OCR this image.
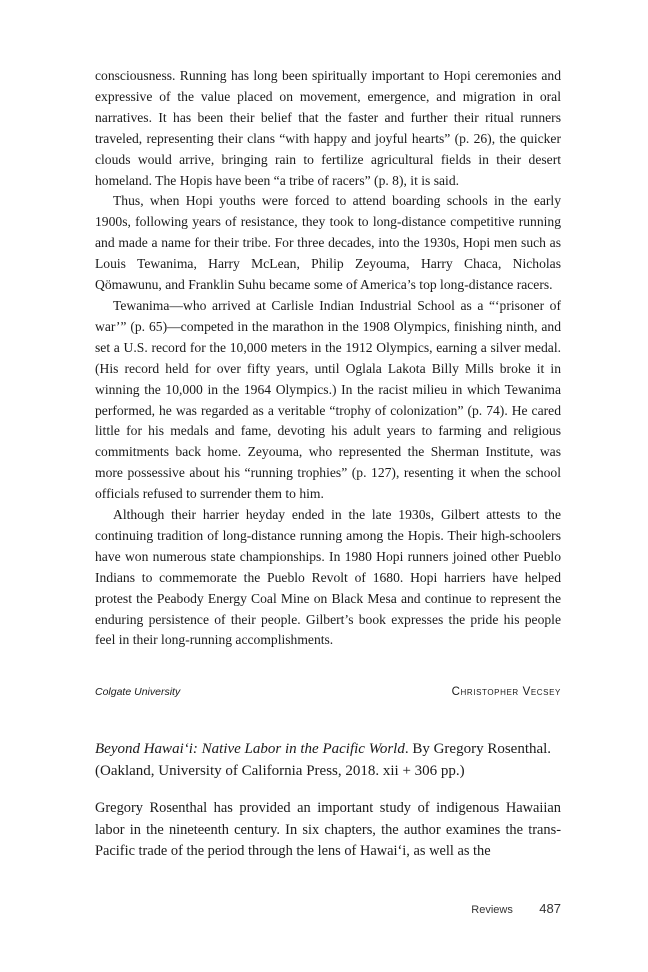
consciousness. Running has long been spiritually important to Hopi ceremonies and expressive of the value placed on movement, emergence, and migration in oral narratives. It has been their belief that the faster and further their ritual runners traveled, representing their clans “with happy and joyful hearts” (p. 26), the quicker clouds would arrive, bringing rain to fertilize agricultural fields in their desert homeland. The Hopis have been “a tribe of racers” (p. 8), it is said.

Thus, when Hopi youths were forced to attend boarding schools in the early 1900s, following years of resistance, they took to long-distance competitive running and made a name for their tribe. For three decades, into the 1930s, Hopi men such as Louis Tewanima, Harry McLean, Philip Zeyouma, Harry Chaca, Nicholas Qömawunu, and Franklin Suhu became some of America’s top long-distance racers.

Tewanima—who arrived at Carlisle Indian Industrial School as a “‘prisoner of war’” (p. 65)—competed in the marathon in the 1908 Olympics, finishing ninth, and set a U.S. record for the 10,000 meters in the 1912 Olympics, earning a silver medal. (His record held for over fifty years, until Oglala Lakota Billy Mills broke it in winning the 10,000 in the 1964 Olympics.) In the racist milieu in which Tewanima performed, he was regarded as a veritable “trophy of colonization” (p. 74). He cared little for his medals and fame, devoting his adult years to farming and religious commitments back home. Zeyouma, who represented the Sherman Institute, was more possessive about his “running trophies” (p. 127), resenting it when the school officials refused to surrender them to him.

Although their harrier heyday ended in the late 1930s, Gilbert attests to the continuing tradition of long-distance running among the Hopis. Their high-schoolers have won numerous state championships. In 1980 Hopi runners joined other Pueblo Indians to commemorate the Pueblo Revolt of 1680. Hopi harriers have helped protest the Peabody Energy Coal Mine on Black Mesa and continue to represent the enduring persistence of their people. Gilbert’s book expresses the pride his people feel in their long-running accomplishments.

Colgate University	Christopher Vecsey
Beyond Hawai‘i: Native Labor in the Pacific World. By Gregory Rosenthal. (Oakland, University of California Press, 2018. xii + 306 pp.)

Gregory Rosenthal has provided an important study of indigenous Hawaiian labor in the nineteenth century. In six chapters, the author examines the trans-Pacific trade of the period through the lens of Hawai‘i, as well as the

Reviews 487
